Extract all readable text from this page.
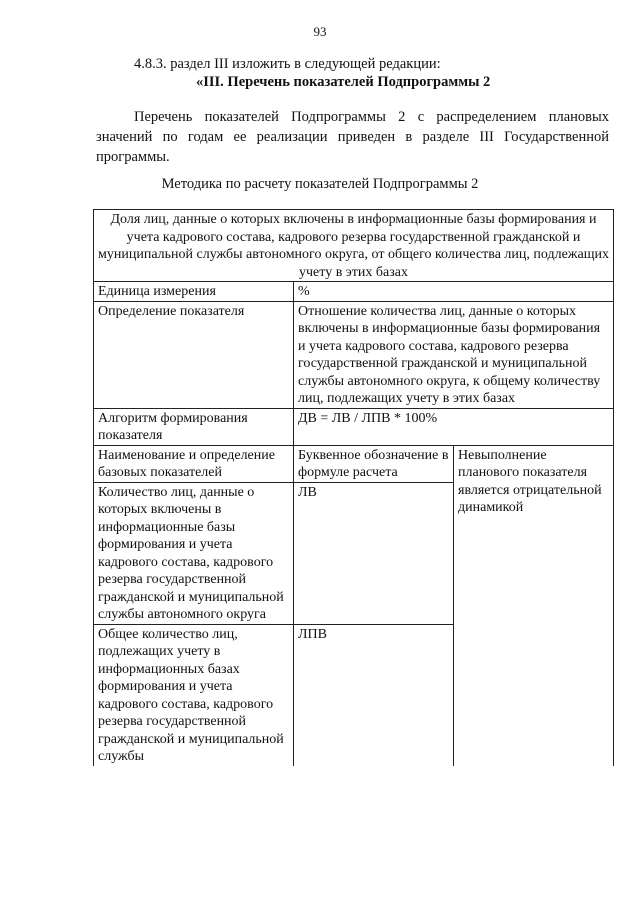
93
4.8.3. раздел III изложить в следующей редакции:
«III. Перечень показателей Подпрограммы 2
Перечень показателей Подпрограммы 2 с распределением плановых значений по годам ее реализации приведен в разделе III Государственной программы.
Методика по расчету показателей Подпрограммы 2
Доля лиц, данные о которых включены в информационные базы формирования и учета кадрового состава, кадрового резерва государственной гражданской и муниципальной службы автономного округа, от общего количества лиц, подлежащих учету в этих базах		
Единица измерения	%	
Определение показателя	Отношение количества лиц, данные о которых включены в информационные базы формирования и учета кадрового состава, кадрового резерва государственной гражданской и муниципальной службы автономного округа, к общему количеству лиц, подлежащих учету в этих базах	
Алгоритм формирования показателя	ДВ = ЛВ / ЛПВ * 100%	
Наименование и определение базовых показателей	Буквенное обозначение в формуле расчета	Невыполнение планового показателя является отрицательной динамикой
Количество лиц, данные о которых включены в информационные базы формирования и учета кадрового состава, кадрового резерва государственной гражданской и муниципальной службы автономного округа	ЛВ	
Общее количество лиц, подлежащих учету в информационных базах формирования и учета кадрового состава, кадрового резерва государственной гражданской и муниципальной службы	ЛПВ	
